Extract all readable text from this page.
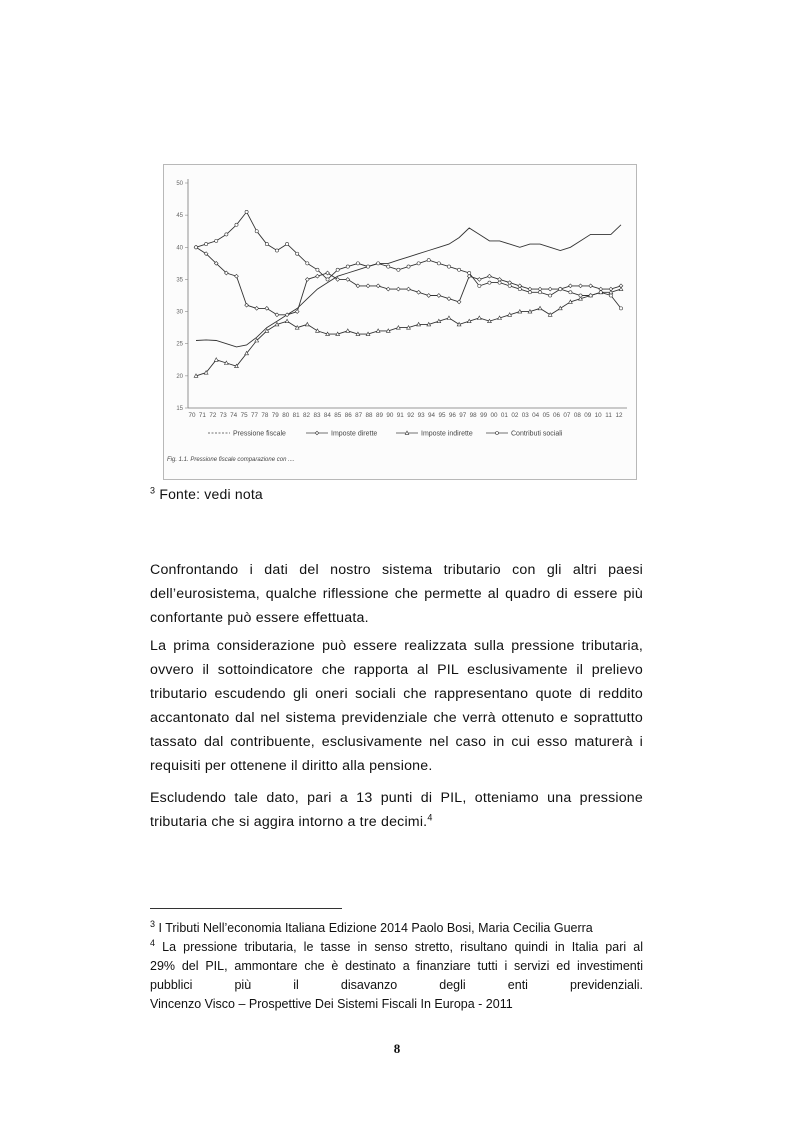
50
45
40
35
30
25
20
15
70 71 72 73 74 75 77 78 79 80 81 82 83 84 85 86 87 88 89 90 91 92 93 94 95 96 97 98 99 00 01 02 03 04 05 06 07 08 09 10 11 12
Pressione fiscale	Imposte dirette	Imposte indirette	Contributi sociali
Fig. 1.1. Pressione fiscale comparazione con ....
$^3$ Fonte: vedi nota

Confrontando i dati del nostro sistema tributario con gli altri paesi dell’eurosistema, qualche riflessione che permette al quadro di essere più confortante può essere effettuata.

La prima considerazione può essere realizzata sulla pressione tributaria, ovvero il sottoindicatore che rapporta al PIL esclusivamente il prelievo tributario escudendo gli oneri sociali che rappresentano quote di reddito accantonato dal nel sistema previdenziale che verrà ottenuto e soprattutto tassato dal contribuente, esclusivamente nel caso in cui esso maturerà i requisiti per ottenene il diritto alla pensione.

Escludendo tale dato, pari a 13 punti di PIL, otteniamo una pressione tributaria che si aggira intorno a tre decimi.$^4$

$^3$ I Tributi Nell’economia Italiana Edizione 2014 Paolo Bosi, Maria Cecilia Guerra

$^4$ La pressione tributaria, le tasse in senso stretto, risultano quindi in Italia pari al
29% del PIL, ammontare che è destinato a finanziare tutti i servizi ed investimenti
pubblici più il disavanzo degli enti previdenziali.
Vincenzo Visco – Prospettive Dei Sistemi Fiscali In Europa - 2011
8
